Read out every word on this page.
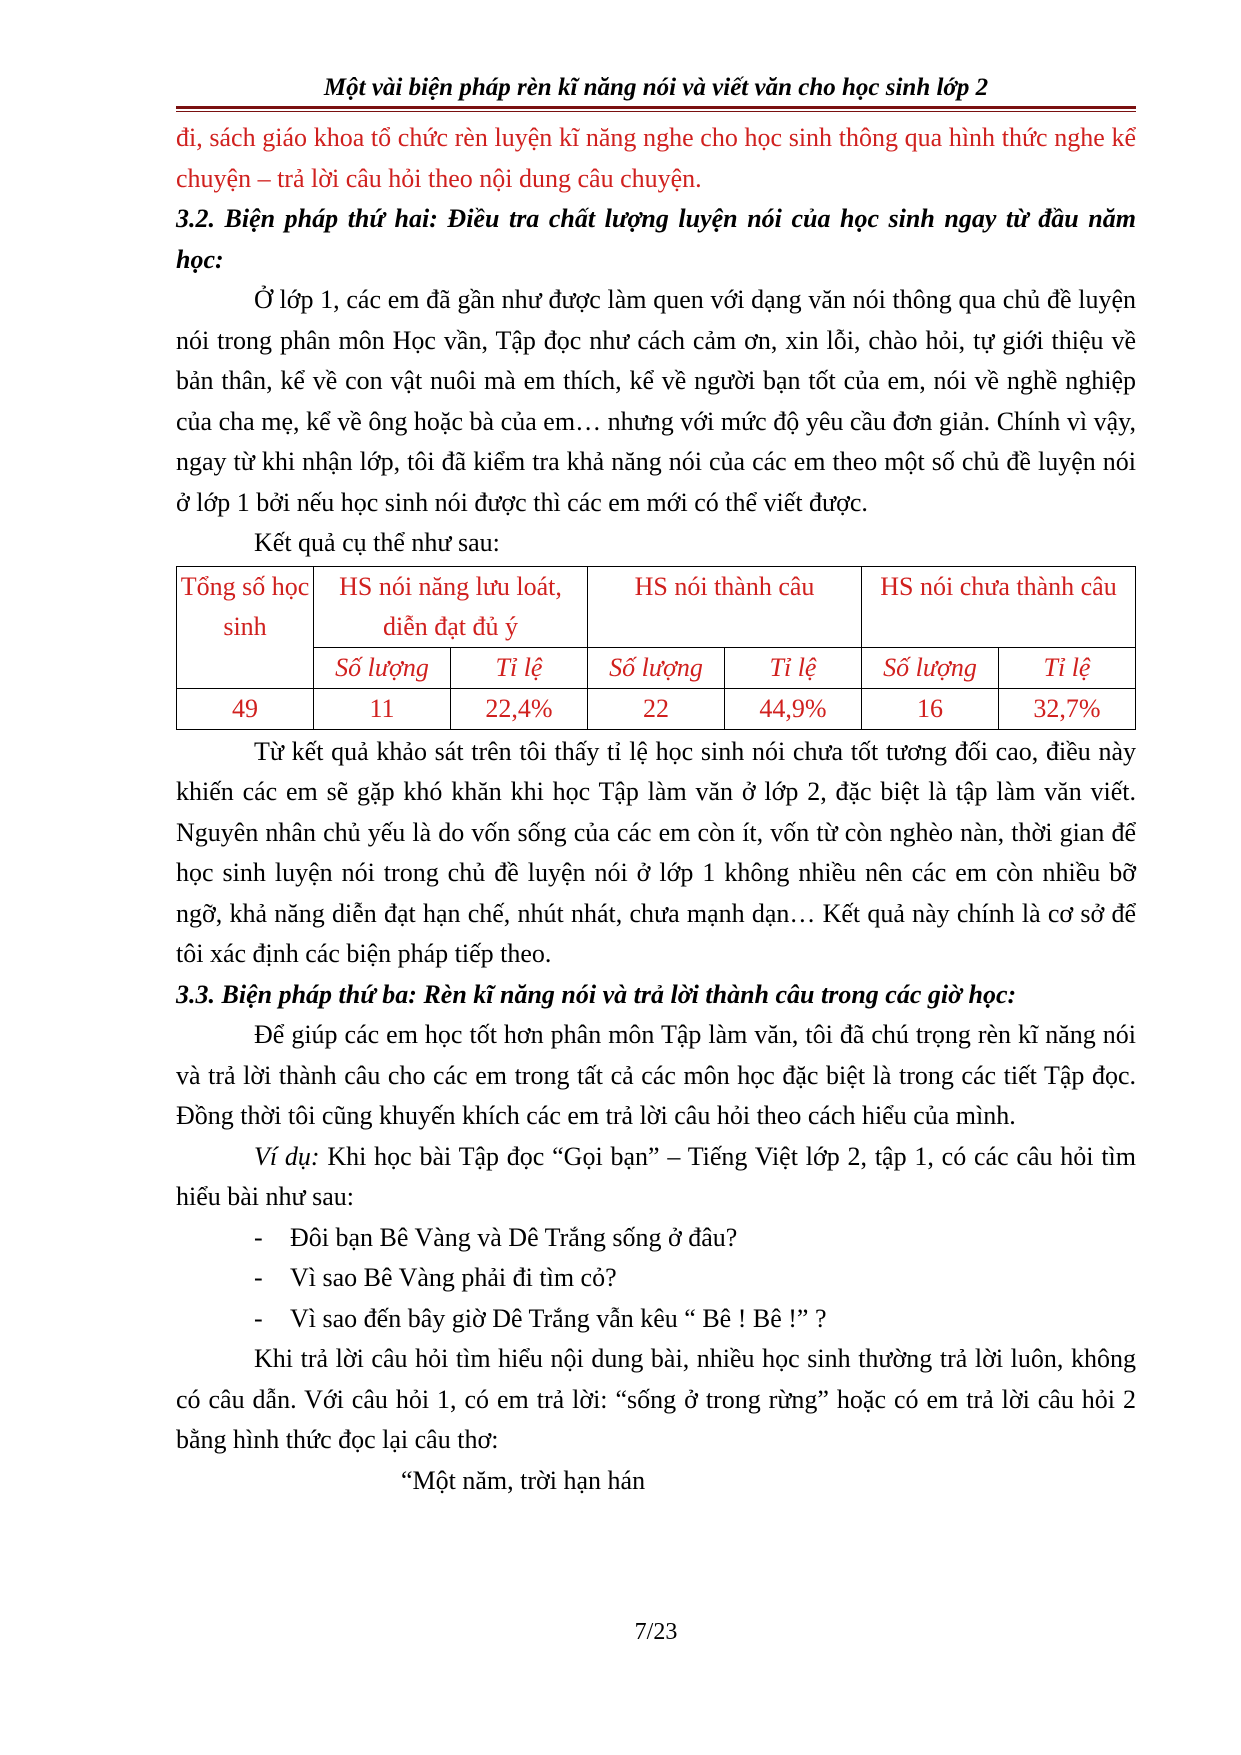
Một vài biện pháp rèn kĩ năng nói và viết văn cho học sinh lớp 2

đi, sách giáo khoa tổ chức rèn luyện kĩ năng nghe cho học sinh thông qua hình thức nghe kể chuyện – trả lời câu hỏi theo nội dung câu chuyện.

3.2. Biện pháp thứ hai: Điều tra chất lượng luyện nói của học sinh ngay từ đầu năm học:

Ở lớp 1, các em đã gần như được làm quen với dạng văn nói thông qua chủ đề luyện nói trong phân môn Học vần, Tập đọc như cách cảm ơn, xin lỗi, chào hỏi, tự giới thiệu về bản thân, kể về con vật nuôi mà em thích, kể về người bạn tốt của em, nói về nghề nghiệp của cha mẹ, kể về ông hoặc bà của em… nhưng với mức độ yêu cầu đơn giản. Chính vì vậy, ngay từ khi nhận lớp, tôi đã kiểm tra khả năng nói của các em theo một số chủ đề luyện nói ở lớp 1 bởi nếu học sinh nói được thì các em mới có thể viết được.

Kết quả cụ thể như sau:

Tổng số học sinh	HS nói năng lưu loát, diễn đạt đủ ý		HS nói thành câu		HS nói chưa thành câu	
	Số lượng	Tỉ lệ	Số lượng	Tỉ lệ	Số lượng	Tỉ lệ
49	11	22,4%	22	44,9%	16	32,7%

Từ kết quả khảo sát trên tôi thấy tỉ lệ học sinh nói chưa tốt tương đối cao, điều này khiến các em sẽ gặp khó khăn khi học Tập làm văn ở lớp 2, đặc biệt là tập làm văn viết. Nguyên nhân chủ yếu là do vốn sống của các em còn ít, vốn từ còn nghèo nàn, thời gian để học sinh luyện nói trong chủ đề luyện nói ở lớp 1 không nhiều nên các em còn nhiều bỡ ngỡ, khả năng diễn đạt hạn chế, nhút nhát, chưa mạnh dạn… Kết quả này chính là cơ sở để tôi xác định các biện pháp tiếp theo.

3.3. Biện pháp thứ ba: Rèn kĩ năng nói và trả lời thành câu trong các giờ học:

Để giúp các em học tốt hơn phân môn Tập làm văn, tôi đã chú trọng rèn kĩ năng nói và trả lời thành câu cho các em trong tất cả các môn học đặc biệt là trong các tiết Tập đọc. Đồng thời tôi cũng khuyến khích các em trả lời câu hỏi theo cách hiểu của mình.

Ví dụ: Khi học bài Tập đọc “Gọi bạn” – Tiếng Việt lớp 2, tập 1, có các câu hỏi tìm hiểu bài như sau:

-	Đôi bạn Bê Vàng và Dê Trắng sống ở đâu?
-	Vì sao Bê Vàng phải đi tìm cỏ?
-	Vì sao đến bây giờ Dê Trắng vẫn kêu “ Bê ! Bê !” ?

Khi trả lời câu hỏi tìm hiểu nội dung bài, nhiều học sinh thường trả lời luôn, không có câu dẫn. Với câu hỏi 1, có em trả lời: “sống ở trong rừng” hoặc có em trả lời câu hỏi 2 bằng hình thức đọc lại câu thơ:

“Một năm, trời hạn hán

7/23
